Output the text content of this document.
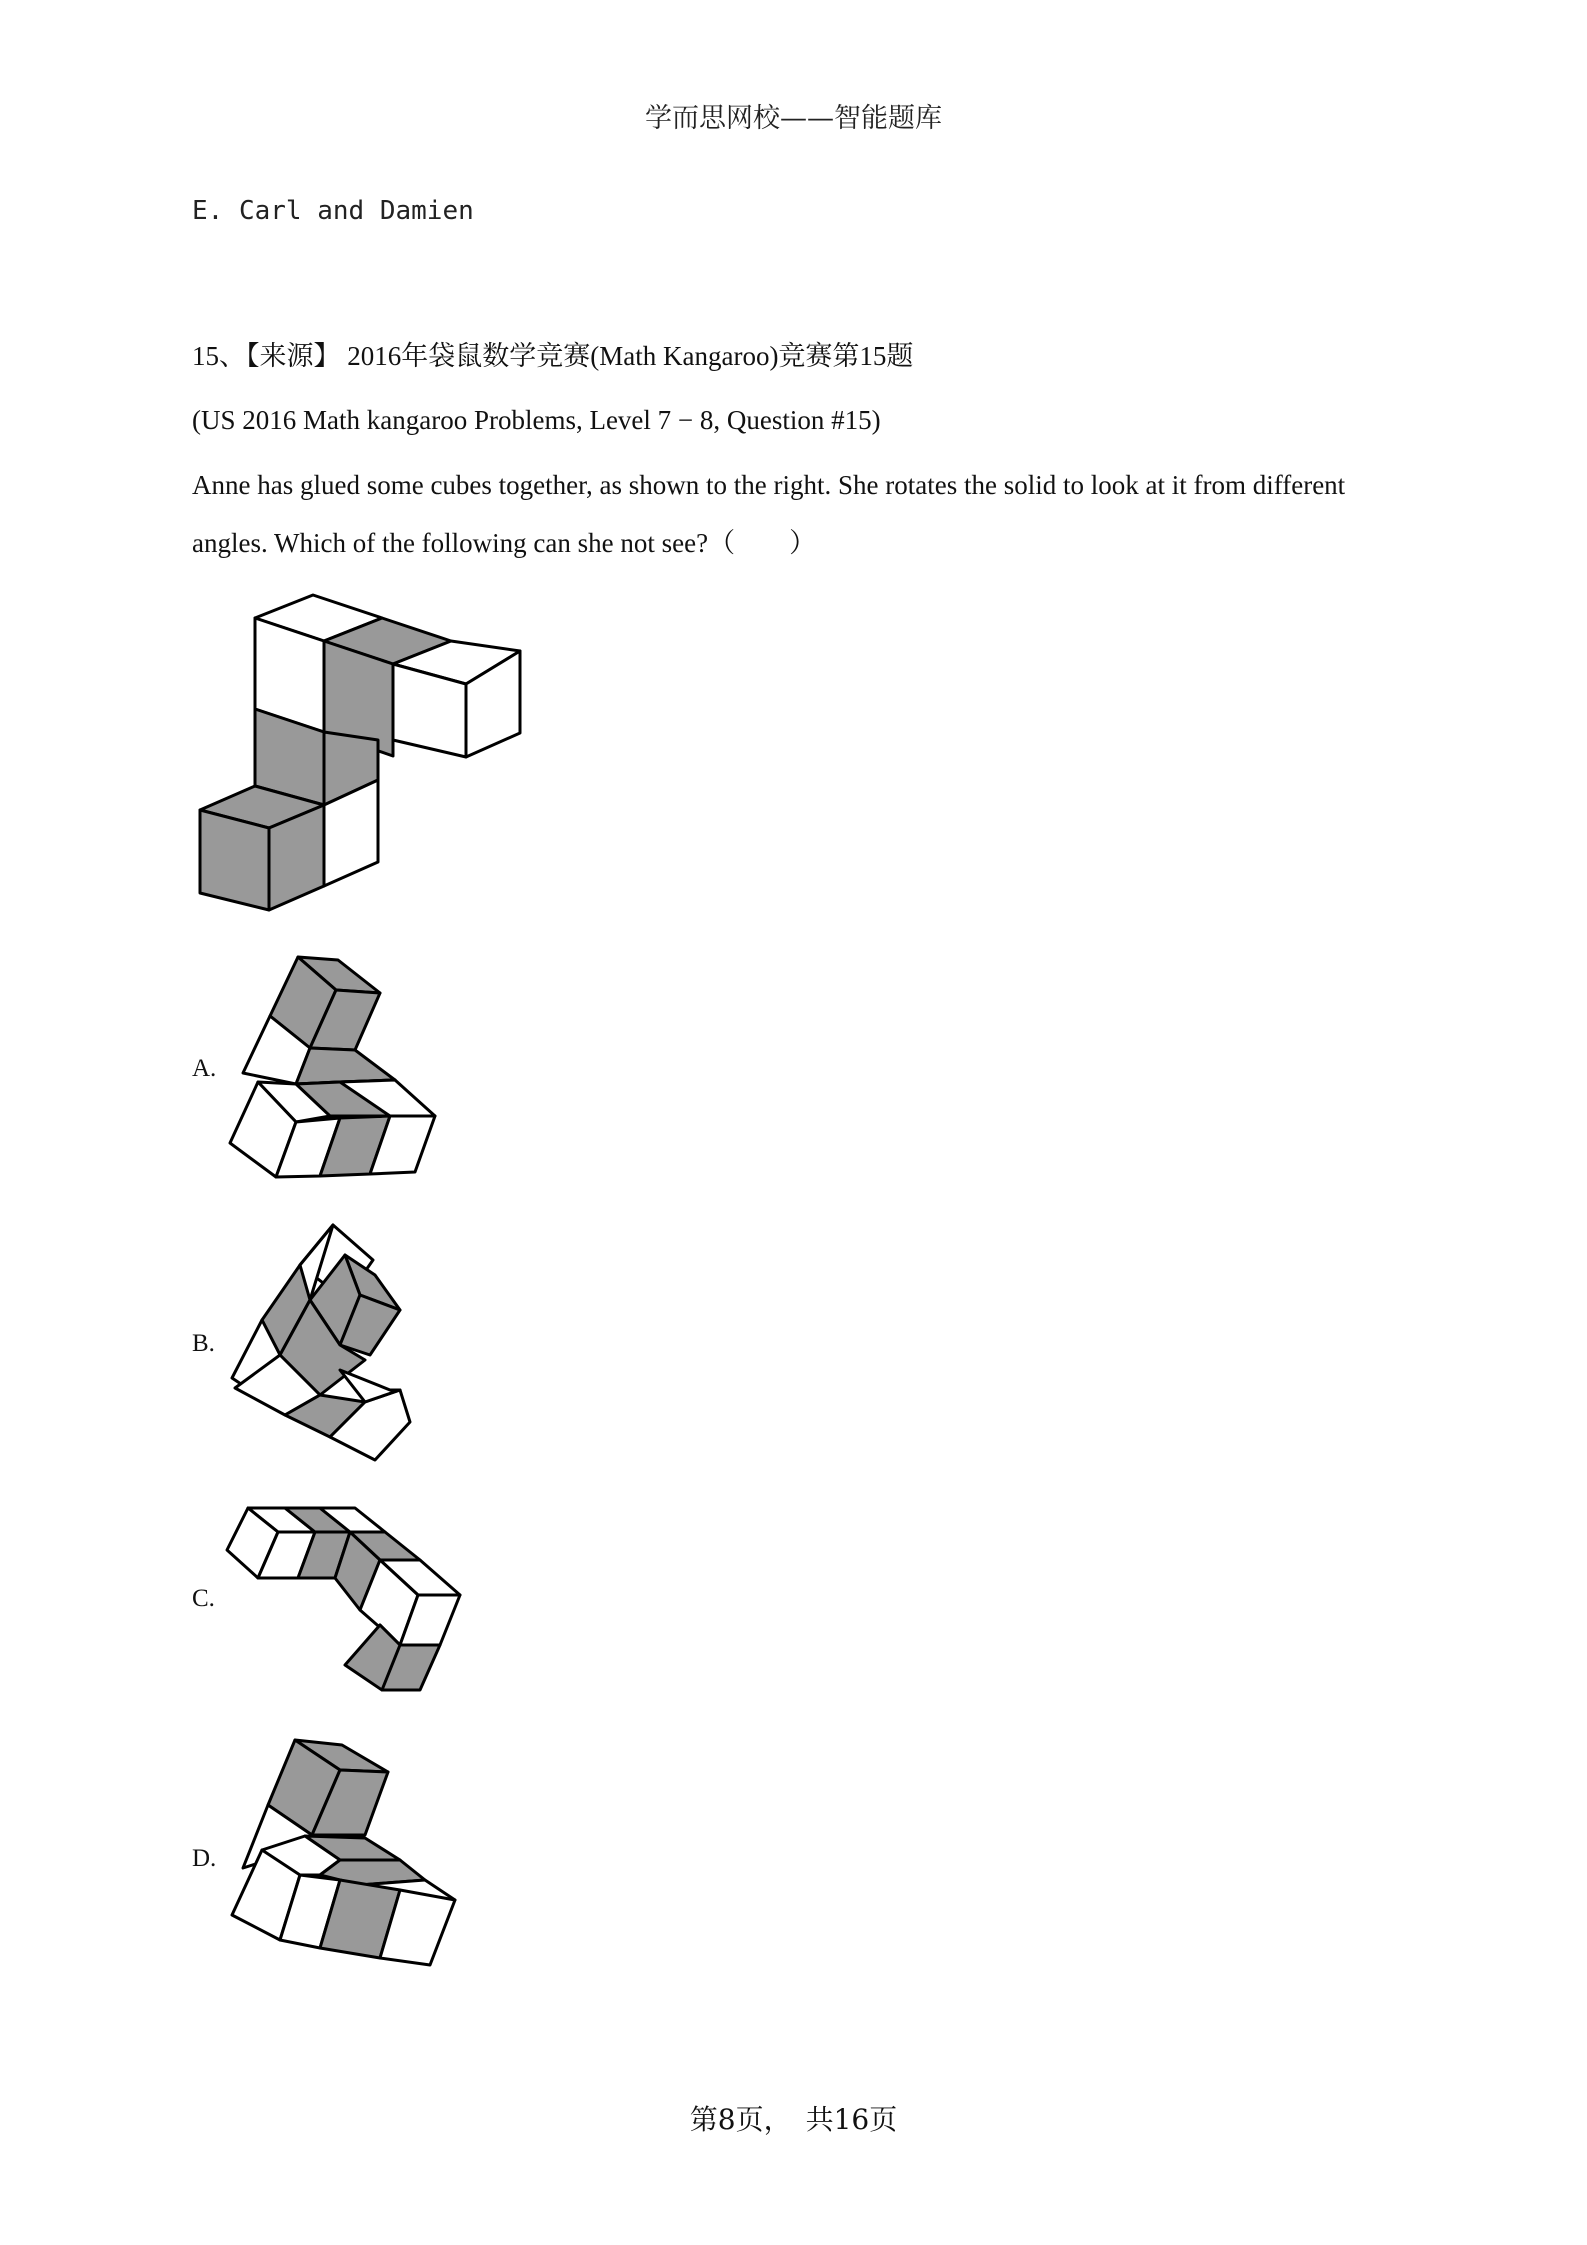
学而思网校——智能题库
E. Carl and Damien
15、【来源】 2016年袋鼠数学竞赛(Math Kangaroo)竞赛第15题
(US 2016 Math kangaroo Problems, Level 7 − 8, Question #15)
Anne has glued some cubes together, as shown to the right. She rotates the solid to look at it from different
angles. Which of the following can she not see?（　　）
A.
B.
C.
D.
第8页，　共16页
